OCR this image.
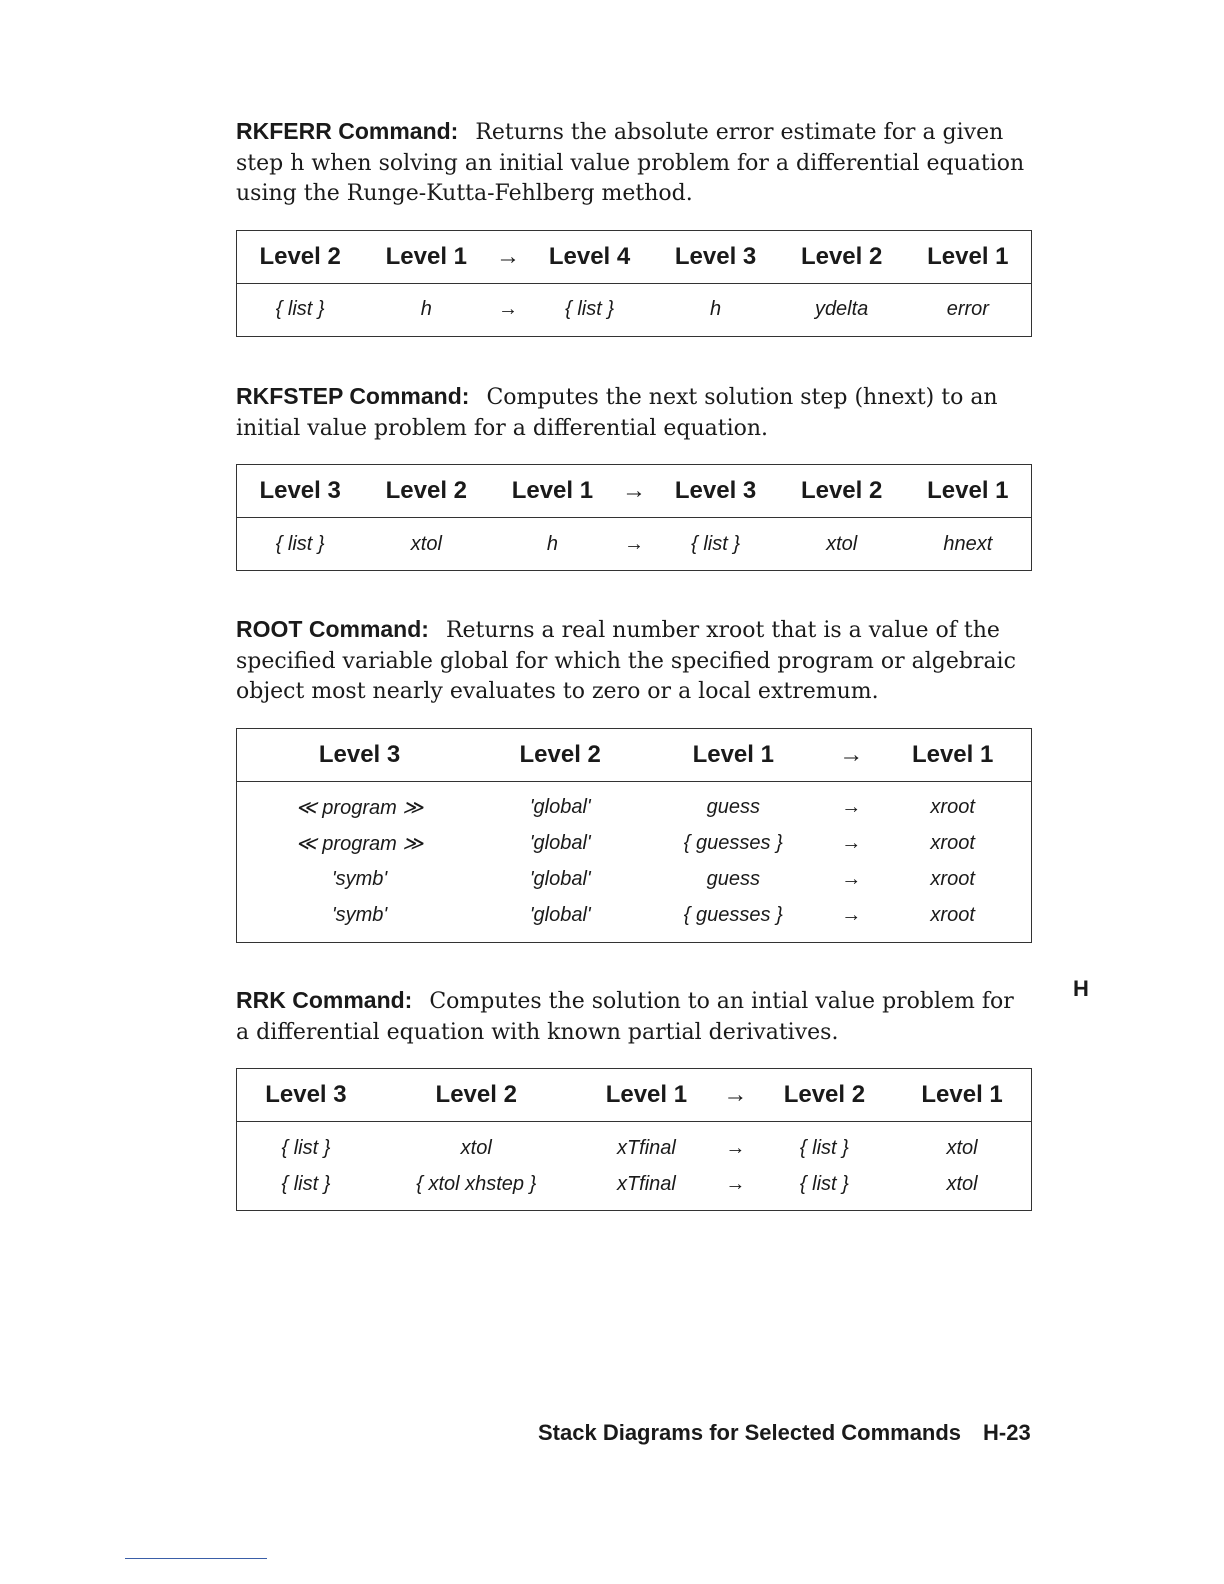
RKFERR Command: Returns the absolute error estimate for a given step h when solving an initial value problem for a differential equation using the Runge-Kutta-Fehlberg method.

Level 2	Level 1	→	Level 4	Level 3	Level 2	Level 1
{ list }	h	→	{ list }	h	ydelta	error

RKFSTEP Command: Computes the next solution step (hnext) to an initial value problem for a differential equation.

Level 3	Level 2	Level 1	→	Level 3	Level 2	Level 1
{ list }	xtol	h	→	{ list }	xtol	hnext

ROOT Command: Returns a real number xroot that is a value of the specified variable global for which the specified program or algebraic object most nearly evaluates to zero or a local extremum.

Level 3	Level 2	Level 1	→	Level 1
≪ program ≫	'global'	guess	→	xroot
≪ program ≫	'global'	{ guesses }	→	xroot
'symb'	'global'	guess	→	xroot
'symb'	'global'	{ guesses }	→	xroot

RRK Command: Computes the solution to an intial value problem for a differential equation with known partial derivatives.

Level 3	Level 2	Level 1	→	Level 2	Level 1
{ list }	xtol	xTfinal	→	{ list }	xtol
{ list }	{ xtol xhstep }	xTfinal	→	{ list }	xtol
H
Stack Diagrams for Selected Commands H-23
